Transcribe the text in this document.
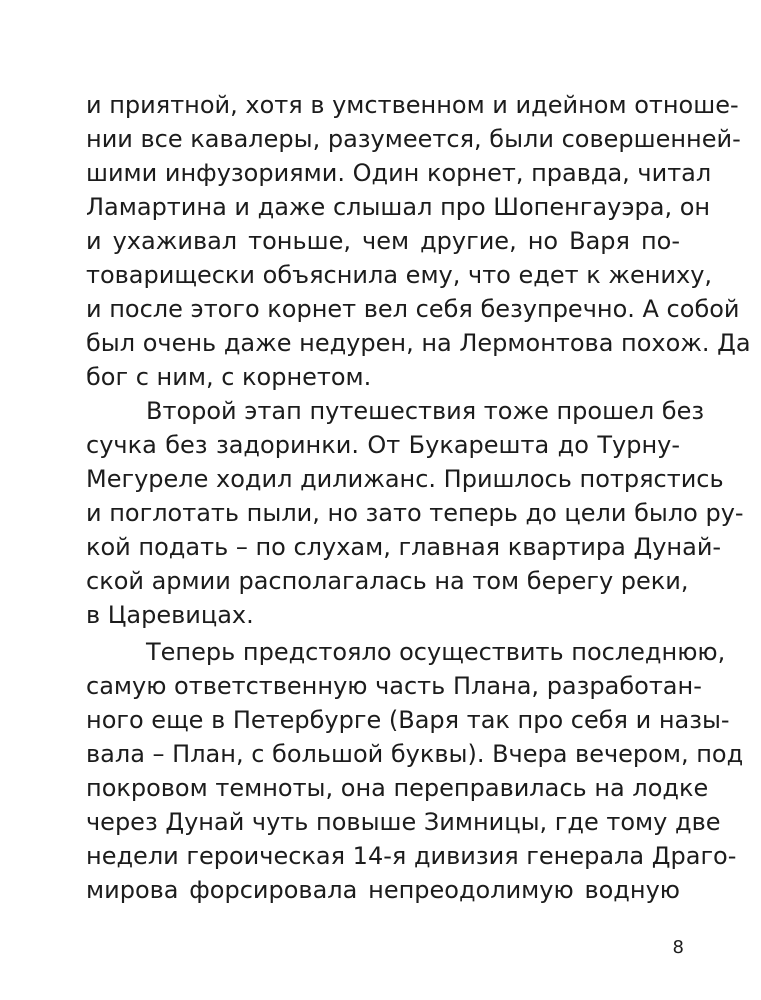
и приятной, хотя в умственном и идейном отноше-
нии все кавалеры, разумеется, были совершенней-
шими инфузориями. Один корнет, правда, читал
Ламартина и даже слышал про Шопенгауэра, он
и ухаживал тоньше, чем другие, но Варя по-
товарищески объяснила ему, что едет к жениху,
и после этого корнет вел себя безупречно. А собой
был очень даже недурен, на Лермонтова похож. Да
бог с ним, с корнетом.
Второй этап путешествия тоже прошел без
сучка без задоринки. От Букарешта до Турну-
Мегуреле ходил дилижанс. Пришлось потрястись
и поглотать пыли, но зато теперь до цели было ру-
кой подать – по слухам, главная квартира Дунай-
ской армии располагалась на том берегу реки,
в Царевицах.
Теперь предстояло осуществить последнюю,
самую ответственную часть Плана, разработан-
ного еще в Петербурге (Варя так про себя и назы-
вала – План, с большой буквы). Вчера вечером, под
покровом темноты, она переправилась на лодке
через Дунай чуть повыше Зимницы, где тому две
недели героическая 14-я дивизия генерала Драго-
мирова форсировала непреодолимую водную
8
